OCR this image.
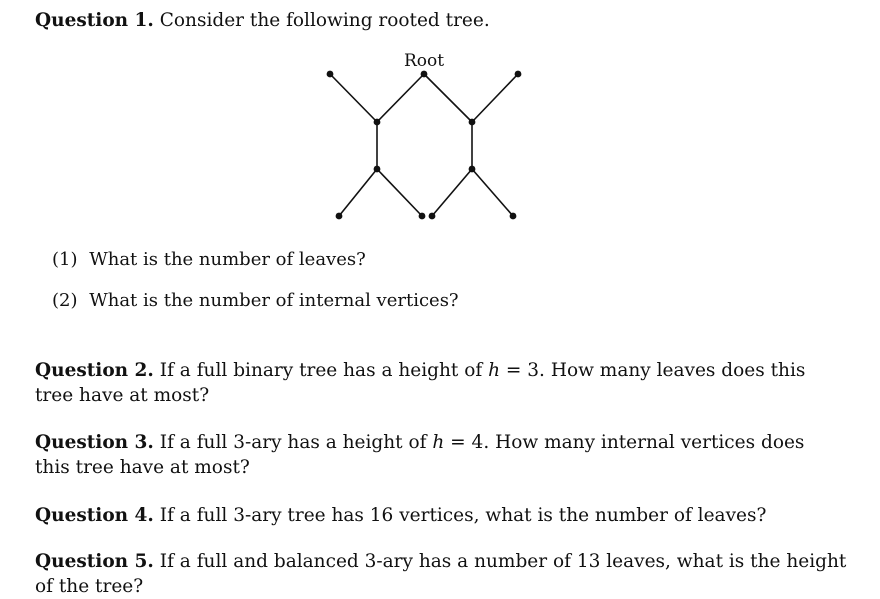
Question 1. Consider the following rooted tree.
Root
(1) What is the number of leaves?
(2) What is the number of internal vertices?
Question 2. If a full binary tree has a height of h = 3. How many leaves does this tree have at most?
Question 3. If a full 3-ary has a height of h = 4. How many internal vertices does this tree have at most?
Question 4. If a full 3-ary tree has 16 vertices, what is the number of leaves?
Question 5. If a full and balanced 3-ary has a number of 13 leaves, what is the height of the tree?
